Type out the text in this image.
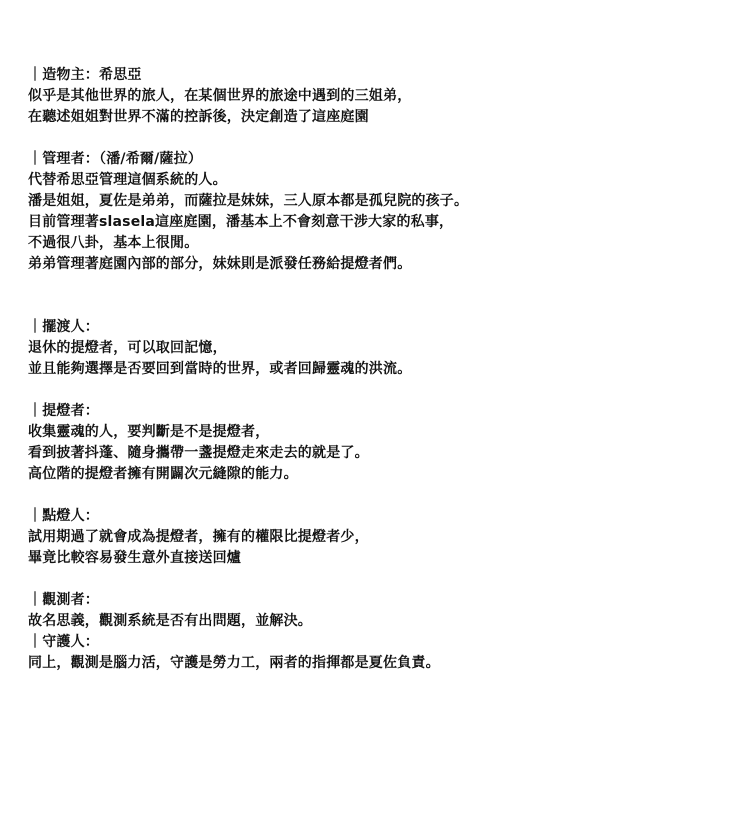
｜造物主：希思亞
似乎是其他世界的旅人，在某個世界的旅途中遇到的三姐弟，
在聽述姐姐對世界不滿的控訴後，決定創造了這座庭園
｜管理者：（潘/希爾/薩拉）
代替希思亞管理這個系統的人。
潘是姐姐，夏佐是弟弟，而薩拉是妹妹，三人原本都是孤兒院的孩子。
目前管理著slasela這座庭園，潘基本上不會刻意干涉大家的私事，
不過很八卦，基本上很閒。
弟弟管理著庭園內部的部分，妹妹則是派發任務給提燈者們。
｜擺渡人：
退休的提燈者，可以取回記憶，
並且能夠選擇是否要回到當時的世界，或者回歸靈魂的洪流。
｜提燈者：
收集靈魂的人，要判斷是不是提燈者，
看到披著抖蓬、隨身攜帶一盞提燈走來走去的就是了。
高位階的提燈者擁有開闢次元縫隙的能力。
｜點燈人：
試用期過了就會成為提燈者，擁有的權限比提燈者少，
畢竟比較容易發生意外直接送回爐
｜觀測者：
故名思義，觀測系統是否有出問題，並解決。
｜守護人：
同上，觀測是腦力活，守護是勞力工，兩者的指揮都是夏佐負責。
